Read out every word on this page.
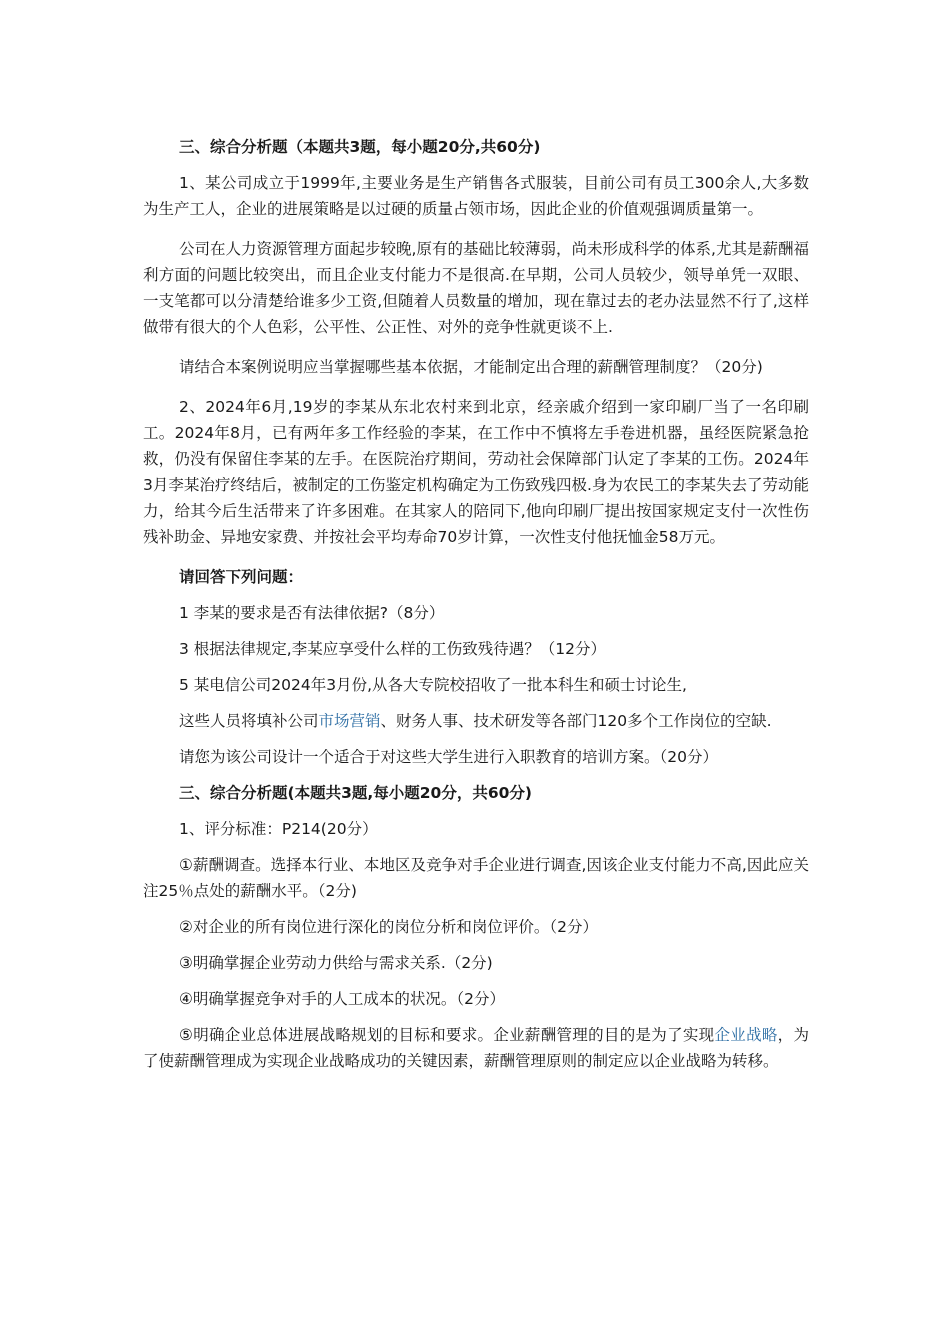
三、综合分析题（本题共3题，每小题20分,共60分)

1、某公司成立于1999年,主要业务是生产销售各式服装，目前公司有员工300余人,大多数为生产工人，企业的进展策略是以过硬的质量占领市场，因此企业的价值观强调质量第一。

公司在人力资源管理方面起步较晚,原有的基础比较薄弱，尚未形成科学的体系,尤其是薪酬福利方面的问题比较突出，而且企业支付能力不是很高.在早期，公司人员较少，领导单凭一双眼、一支笔都可以分清楚给谁多少工资,但随着人员数量的增加，现在靠过去的老办法显然不行了,这样做带有很大的个人色彩，公平性、公正性、对外的竞争性就更谈不上.

请结合本案例说明应当掌握哪些基本依据，才能制定出合理的薪酬管理制度？（20分)

2、2024年6月,19岁的李某从东北农村来到北京，经亲戚介绍到一家印刷厂当了一名印刷工。2024年8月，已有两年多工作经验的李某，在工作中不慎将左手卷进机器，虽经医院紧急抢救，仍没有保留住李某的左手。在医院治疗期间，劳动社会保障部门认定了李某的工伤。2024年3月李某治疗终结后，被制定的工伤鉴定机构确定为工伤致残四极.身为农民工的李某失去了劳动能力，给其今后生活带来了许多困难。在其家人的陪同下,他向印刷厂提出按国家规定支付一次性伤残补助金、异地安家费、并按社会平均寿命70岁计算，一次性支付他抚恤金58万元。

请回答下列问题：

1 李某的要求是否有法律依据?（8分）

3 根据法律规定,李某应享受什么样的工伤致残待遇？（12分）

5 某电信公司2024年3月份,从各大专院校招收了一批本科生和硕士讨论生,

这些人员将填补公司市场营销、财务人事、技术研发等各部门120多个工作岗位的空缺.

请您为该公司设计一个适合于对这些大学生进行入职教育的培训方案。（20分）

三、综合分析题(本题共3题,每小题20分，共60分)

1、评分标准：P214(20分）

①薪酬调查。选择本行业、本地区及竞争对手企业进行调查,因该企业支付能力不高,因此应关注25％点处的薪酬水平。（2分)

②对企业的所有岗位进行深化的岗位分析和岗位评价。（2分）

③明确掌握企业劳动力供给与需求关系.（2分)

④明确掌握竞争对手的人工成本的状况。（2分）

⑤明确企业总体进展战略规划的目标和要求。企业薪酬管理的目的是为了实现企业战略，为了使薪酬管理成为实现企业战略成功的关键因素，薪酬管理原则的制定应以企业战略为转移。
